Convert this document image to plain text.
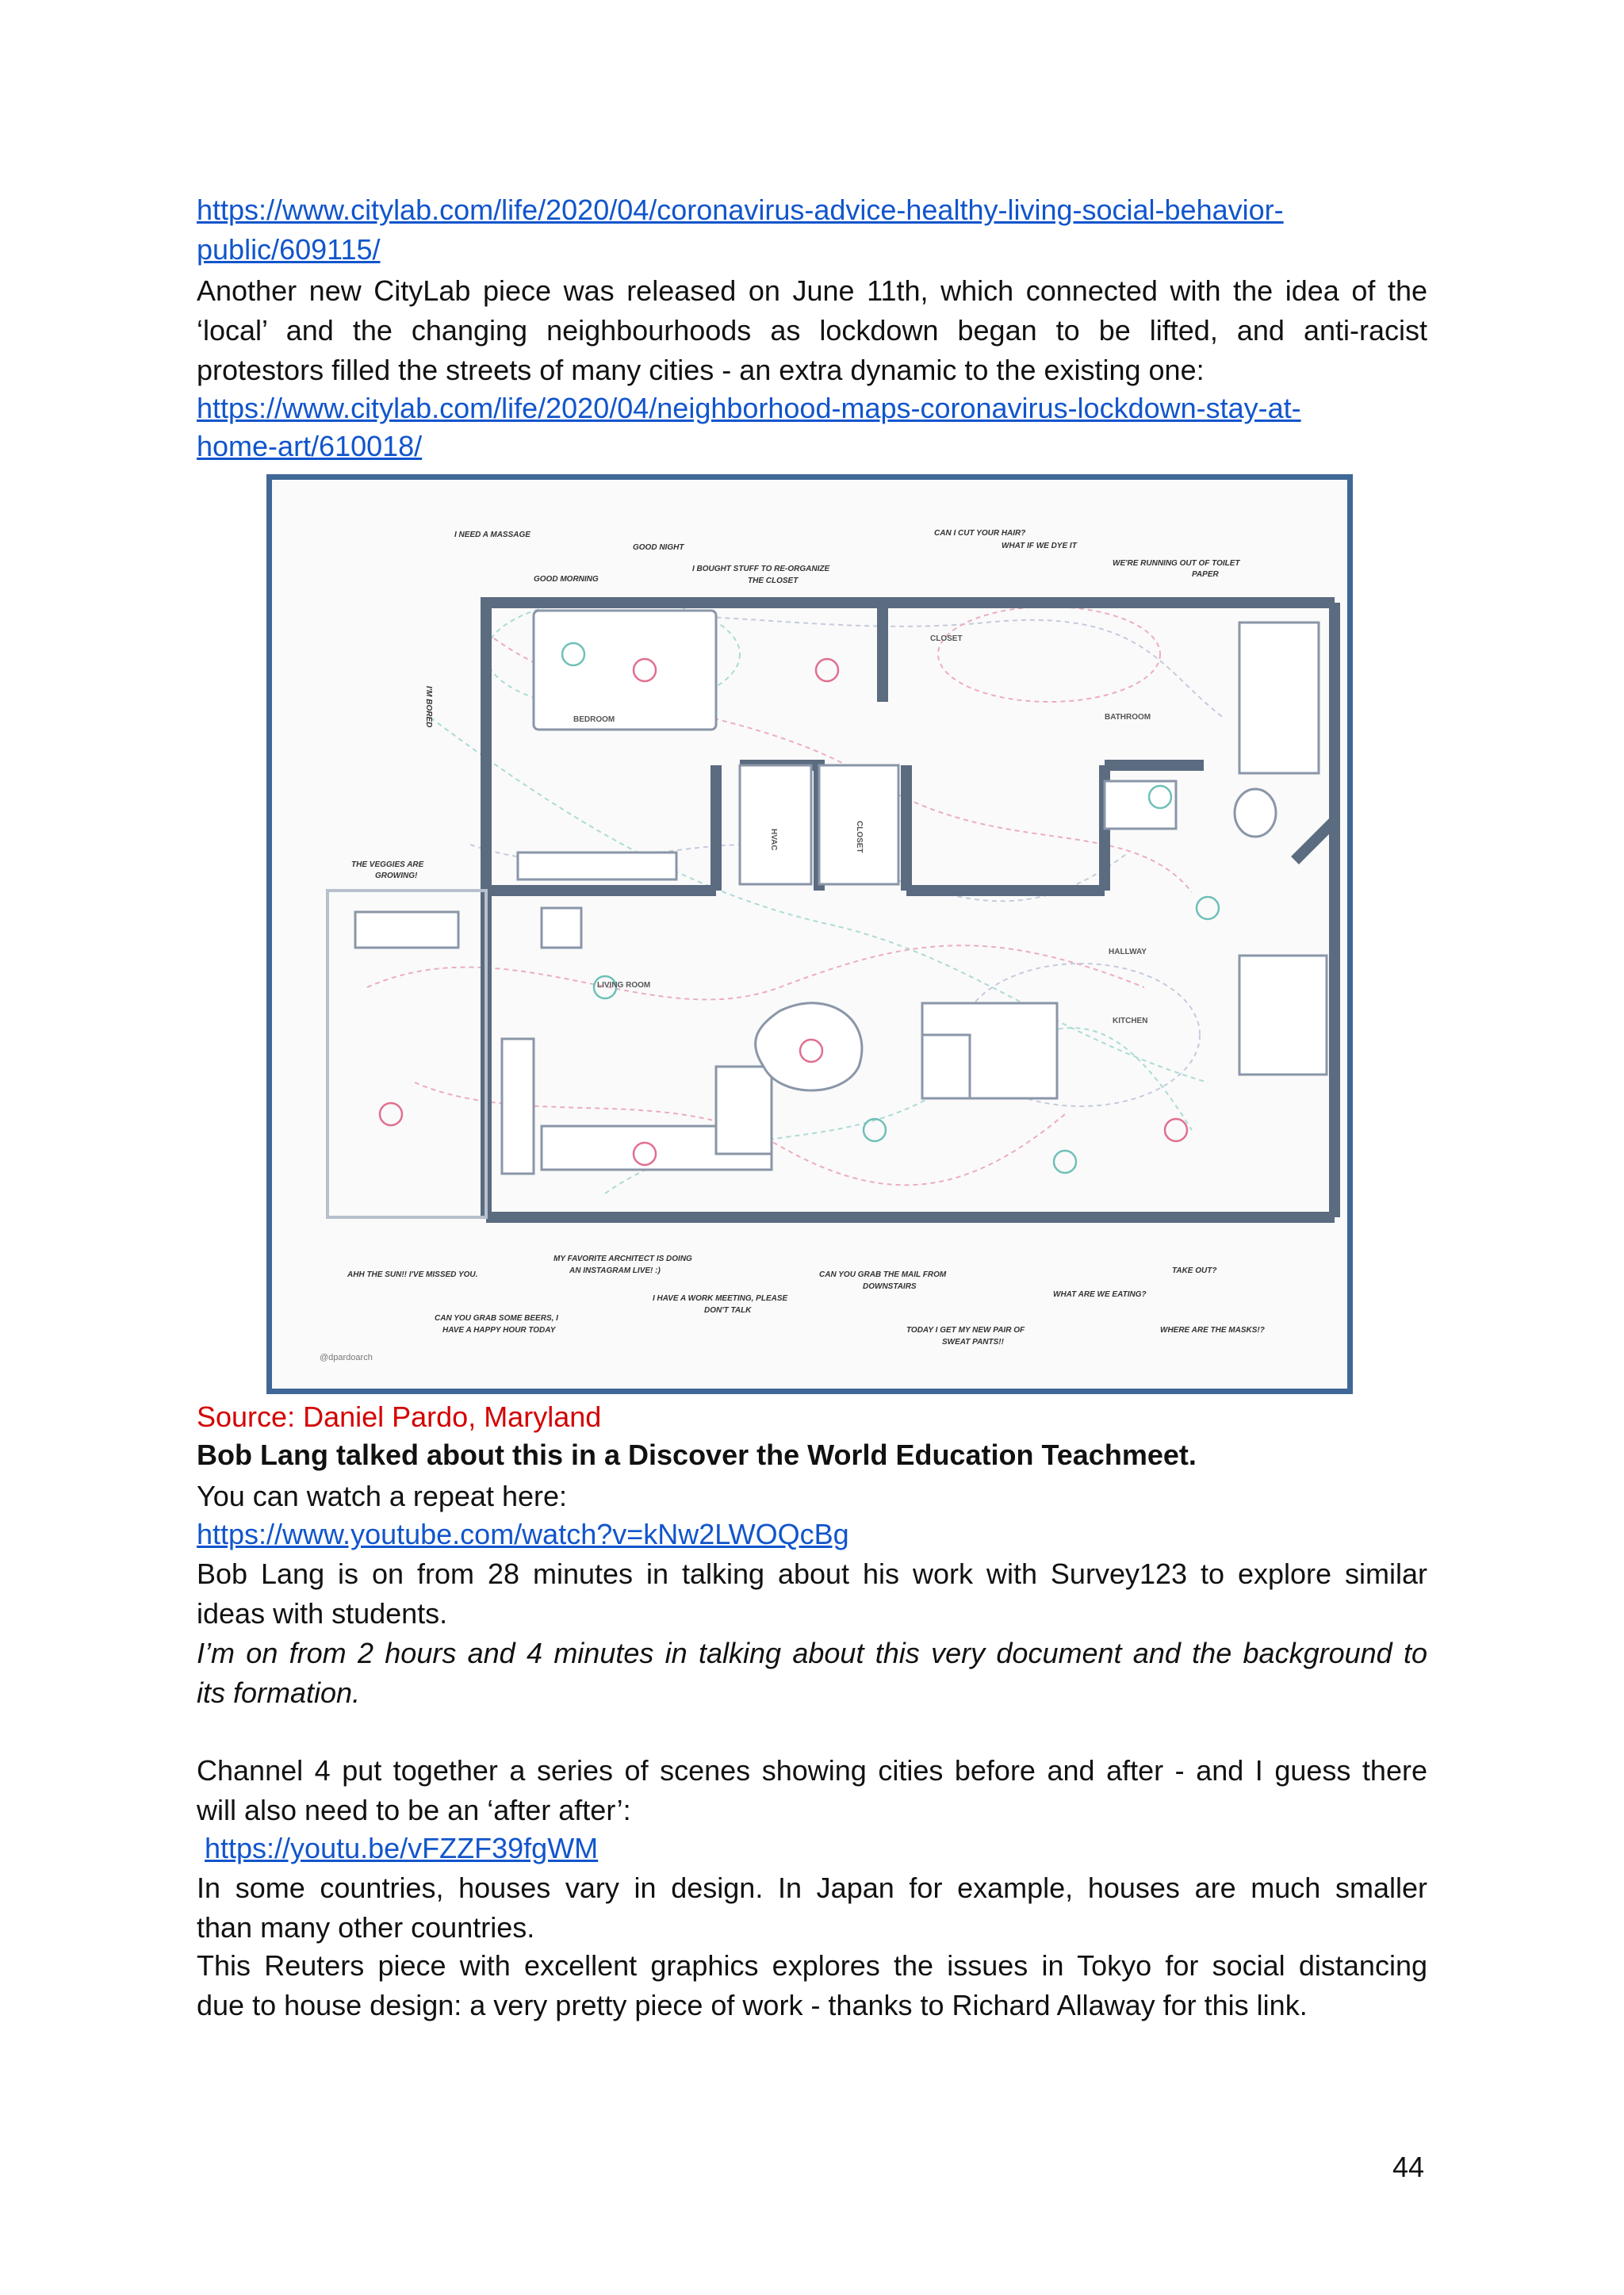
https://www.citylab.com/life/2020/04/coronavirus-advice-healthy-living-social-behavior-
public/609115/
Another new CityLab piece was released on June 11th, which connected with the idea of the
‘local’ and the changing neighbourhoods as lockdown began to be lifted, and anti-racist
protestors filled the streets of many cities - an extra dynamic to the existing one:
https://www.citylab.com/life/2020/04/neighborhood-maps-coronavirus-lockdown-stay-at-
home-art/610018/
BEDROOM
CLOSET
BATHROOM
HVAC	CLOSET
HALLWAY
LIVING ROOM
KITCHEN
I NEED A MASSAGE
GOOD NIGHT
GOOD MORNING
I BOUGHT STUFF TO RE-ORGANIZE
THE CLOSET
CAN I CUT YOUR HAIR?
WHAT IF WE DYE IT
WE'RE RUNNING OUT OF TOILET
PAPER
I'M BORED
THE VEGGIES ARE
GROWING!
MY FAVORITE ARCHITECT IS DOING
AN INSTAGRAM LIVE! :)
AHH THE SUN!! I'VE MISSED YOU.	CAN YOU GRAB THE MAIL FROM
DOWNSTAIRS
TAKE OUT?
I HAVE A WORK MEETING, PLEASE
DON'T TALK
WHAT ARE WE EATING?
CAN YOU GRAB SOME BEERS, I
HAVE A HAPPY HOUR TODAY	TODAY I GET MY NEW PAIR OF
SWEAT PANTS!!
WHERE ARE THE MASKS!?
@dpardoarch
Source: Daniel Pardo, Maryland
Bob Lang talked about this in a Discover the World Education Teachmeet.
You can watch a repeat here:
https://www.youtube.com/watch?v=kNw2LWOQcBg
Bob Lang is on from 28 minutes in talking about his work with Survey123 to explore similar
ideas with students.
I’m on from 2 hours and 4 minutes in talking about this very document and the background to
its formation.
Channel 4 put together a series of scenes showing cities before and after - and I guess there
will also need to be an ‘after after’:
https://youtu.be/vFZZF39fgWM
In some countries, houses vary in design. In Japan for example, houses are much smaller
than many other countries.
This Reuters piece with excellent graphics explores the issues in Tokyo for social distancing
due to house design: a very pretty piece of work - thanks to Richard Allaway for this link.
44
